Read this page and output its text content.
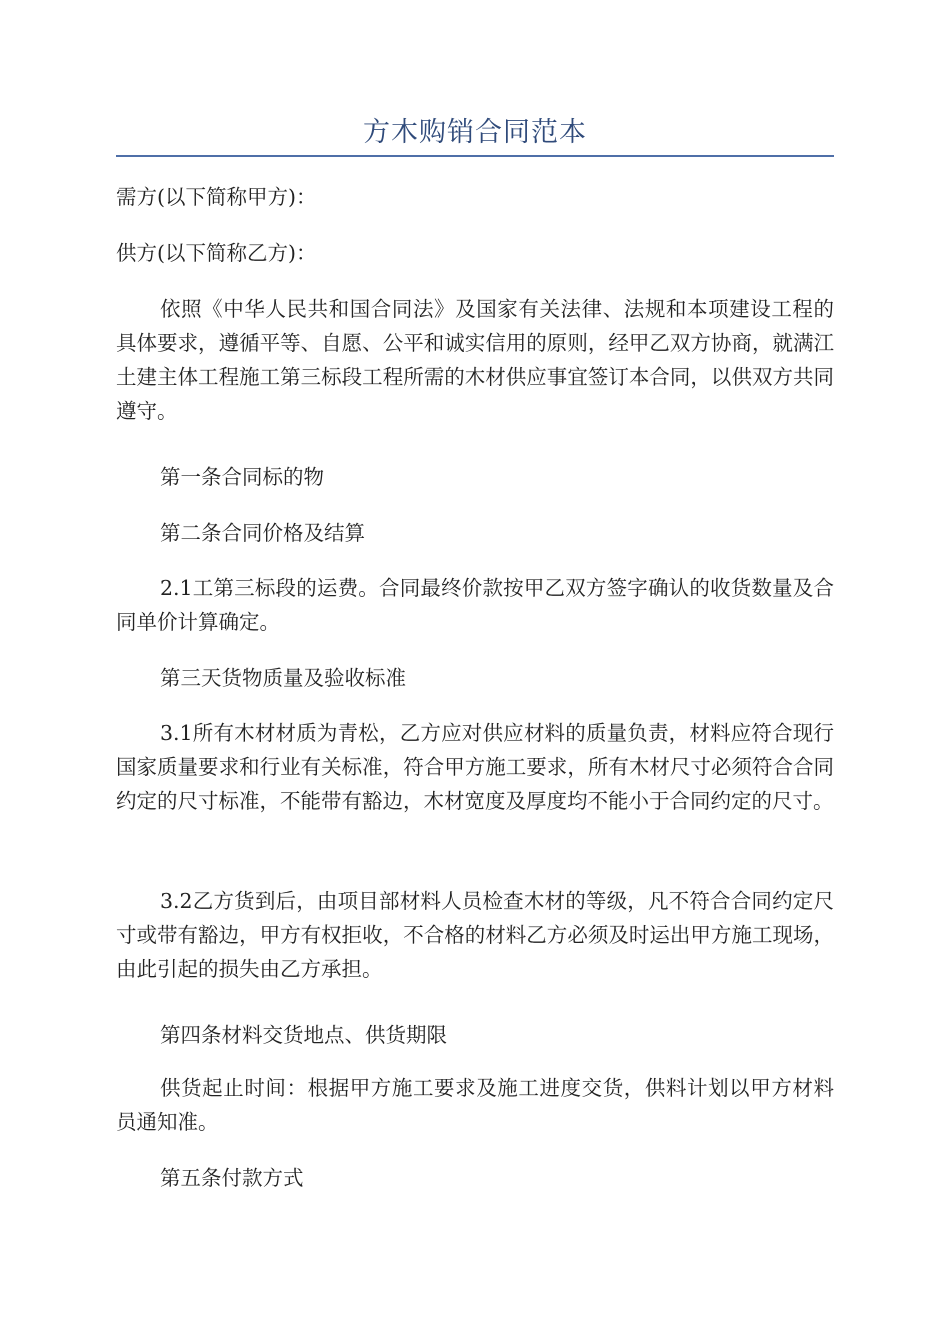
方木购销合同范本

需方(以下简称甲方)：

供方(以下简称乙方)：

依照《中华人民共和国合同法》及国家有关法律、法规和本项建设工程的具体要求，遵循平等、自愿、公平和诚实信用的原则，经甲乙双方协商，就满江土建主体工程施工第三标段工程所需的木材供应事宜签订本合同，以供双方共同遵守。

第一条合同标的物

第二条合同价格及结算

2.1工第三标段的运费。合同最终价款按甲乙双方签字确认的收货数量及合同单价计算确定。

第三天货物质量及验收标准

3.1所有木材材质为青松，乙方应对供应材料的质量负责，材料应符合现行国家质量要求和行业有关标准，符合甲方施工要求，所有木材尺寸必须符合合同约定的尺寸标准，不能带有豁边，木材宽度及厚度均不能小于合同约定的尺寸。

3.2乙方货到后，由项目部材料人员检查木材的等级，凡不符合合同约定尺寸或带有豁边，甲方有权拒收，不合格的材料乙方必须及时运出甲方施工现场，由此引起的损失由乙方承担。

第四条材料交货地点、供货期限

供货起止时间：根据甲方施工要求及施工进度交货，供料计划以甲方材料员通知准。

第五条付款方式
